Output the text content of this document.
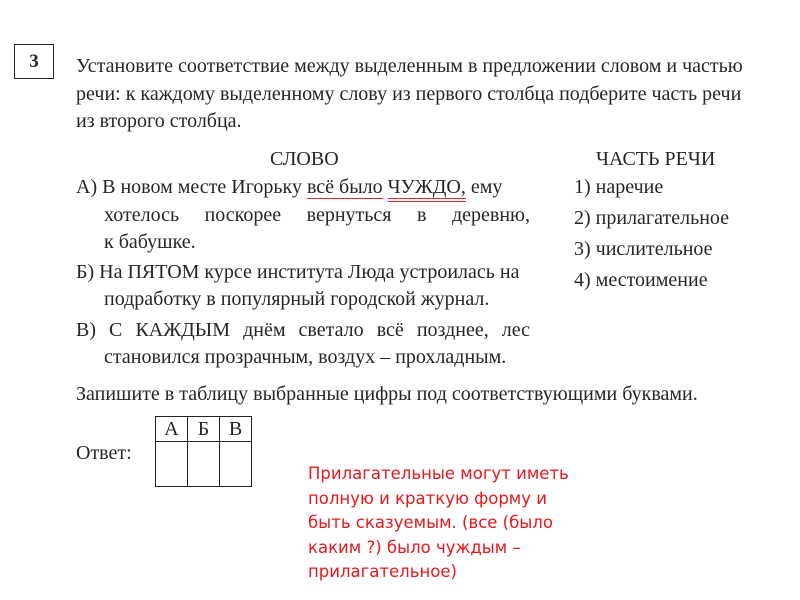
3	Установите соответствие между выделенным в предложении словом и частью
речи: к каждому выделенному слову из первого столбца подберите часть речи
из второго столбца.
СЛОВО	ЧАСТЬ РЕЧИ
А) В новом месте Игорьку всё было ЧУЖДО, ему
хотелось поскорее вернуться в деревню,
к бабушке.
Б) На ПЯТОМ курсе института Люда устроилась на
подработку в популярный городской журнал.
В) С КАЖДЫМ днём светало всё позднее, лес
становился прозрачным, воздух – прохладным.
1) наречие
2) прилагательное
3) числительное
4) местоимение
Запишите в таблицу выбранные цифры под соответствующими буквами.
Ответ:
А	Б	В

Прилагательные могут иметь
полную и краткую форму и
быть сказуемым. (все (было
каким ?) было чуждым –
прилагательное)
